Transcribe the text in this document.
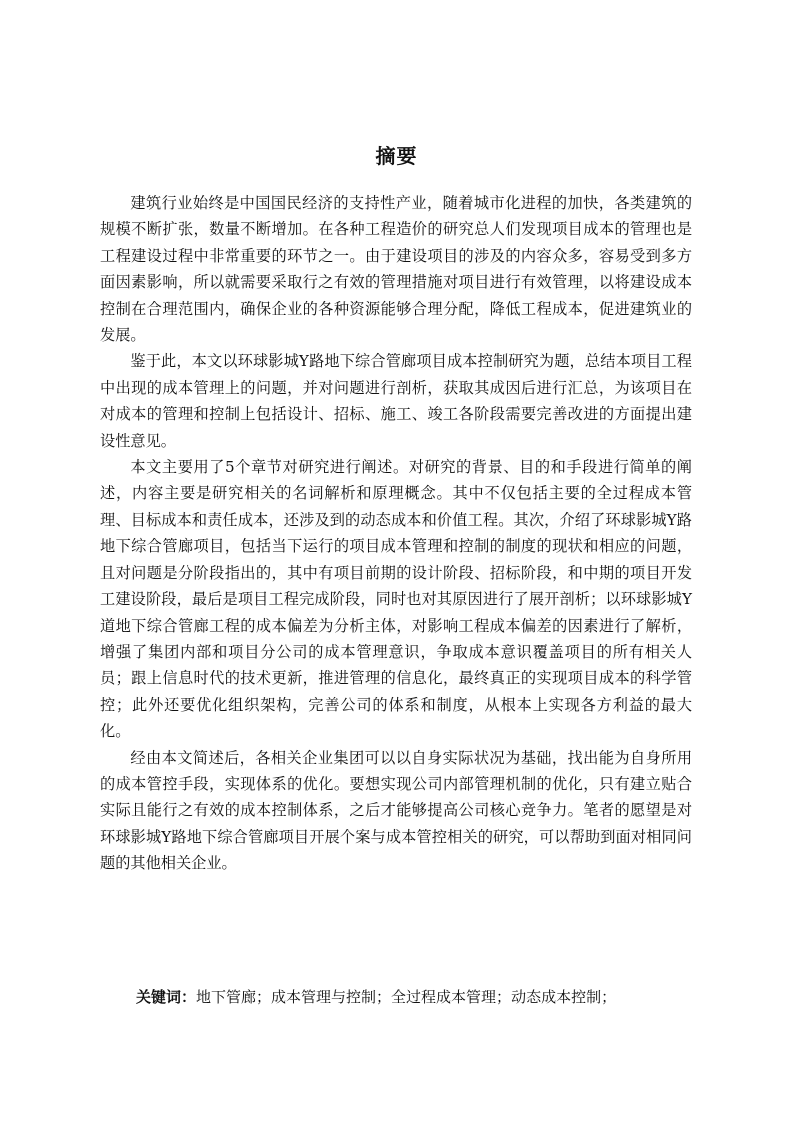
摘要

建筑行业始终是中国国民经济的支持性产业，随着城市化进程的加快，各类建筑的规模不断扩张，数量不断增加。在各种工程造价的研究总人们发现项目成本的管理也是工程建设过程中非常重要的环节之一。由于建设项目的涉及的内容众多，容易受到多方面因素影响，所以就需要采取行之有效的管理措施对项目进行有效管理，以将建设成本控制在合理范围内，确保企业的各种资源能够合理分配，降低工程成本，促进建筑业的发展。

鉴于此，本文以环球影城Y路地下综合管廊项目成本控制研究为题，总结本项目工程中出现的成本管理上的问题，并对问题进行剖析，获取其成因后进行汇总，为该项目在对成本的管理和控制上包括设计、招标、施工、竣工各阶段需要完善改进的方面提出建设性意见。

本文主要用了5个章节对研究进行阐述。对研究的背景、目的和手段进行简单的阐述，内容主要是研究相关的名词解析和原理概念。其中不仅包括主要的全过程成本管理、目标成本和责任成本，还涉及到的动态成本和价值工程。其次，介绍了环球影城Y路地下综合管廊项目，包括当下运行的项目成本管理和控制的制度的现状和相应的问题，且对问题是分阶段指出的，其中有项目前期的设计阶段、招标阶段，和中期的项目开发工建设阶段，最后是项目工程完成阶段，同时也对其原因进行了展开剖析；以环球影城Y道地下综合管廊工程的成本偏差为分析主体，对影响工程成本偏差的因素进行了解析，增强了集团内部和项目分公司的成本管理意识，争取成本意识覆盖项目的所有相关人员；跟上信息时代的技术更新，推进管理的信息化，最终真正的实现项目成本的科学管控；此外还要优化组织架构，完善公司的体系和制度，从根本上实现各方利益的最大化。

经由本文简述后，各相关企业集团可以以自身实际状况为基础，找出能为自身所用的成本管控手段，实现体系的优化。要想实现公司内部管理机制的优化，只有建立贴合实际且能行之有效的成本控制体系，之后才能够提高公司核心竞争力。笔者的愿望是对环球影城Y路地下综合管廊项目开展个案与成本管控相关的研究，可以帮助到面对相同问题的其他相关企业。

关键词：地下管廊；成本管理与控制；全过程成本管理；动态成本控制；
